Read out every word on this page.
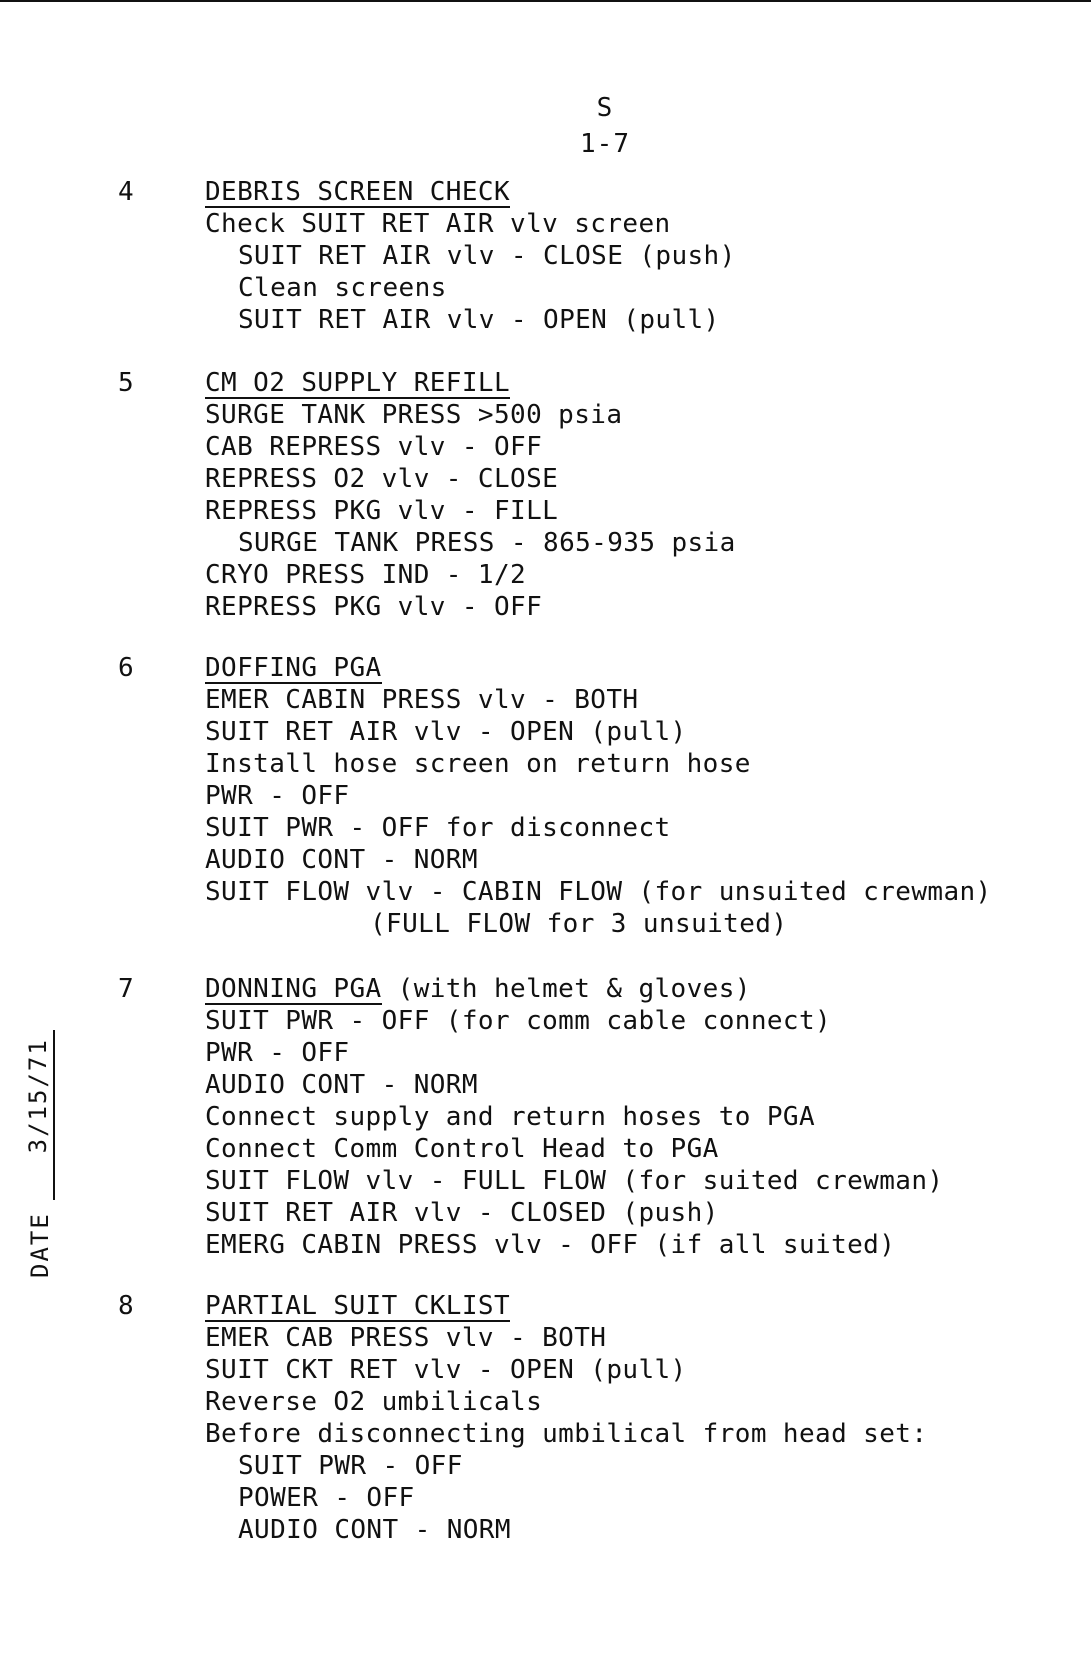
S
1-7
DATE
3/15/71
4	DEBRIS SCREEN CHECK
Check SUIT RET AIR vlv screen
SUIT RET AIR vlv - CLOSE (push)
Clean screens
SUIT RET AIR vlv - OPEN (pull)
5	CM O2 SUPPLY REFILL
SURGE TANK PRESS >500 psia
CAB REPRESS vlv - OFF
REPRESS O2 vlv - CLOSE
REPRESS PKG vlv - FILL
SURGE TANK PRESS - 865-935 psia
CRYO PRESS IND - 1/2
REPRESS PKG vlv - OFF
6	DOFFING PGA
EMER CABIN PRESS vlv - BOTH
SUIT RET AIR vlv - OPEN (pull)
Install hose screen on return hose
PWR - OFF
SUIT PWR - OFF for disconnect
AUDIO CONT - NORM
SUIT FLOW vlv - CABIN FLOW (for unsuited crewman)
(FULL FLOW for 3 unsuited)
7	DONNING PGA (with helmet & gloves)
SUIT PWR - OFF (for comm cable connect)
PWR - OFF
AUDIO CONT - NORM
Connect supply and return hoses to PGA
Connect Comm Control Head to PGA
SUIT FLOW vlv - FULL FLOW (for suited crewman)
SUIT RET AIR vlv - CLOSED (push)
EMERG CABIN PRESS vlv - OFF (if all suited)
8	PARTIAL SUIT CKLIST
EMER CAB PRESS vlv - BOTH
SUIT CKT RET vlv - OPEN (pull)
Reverse O2 umbilicals
Before disconnecting umbilical from head set:
SUIT PWR - OFF
POWER - OFF
AUDIO CONT - NORM
